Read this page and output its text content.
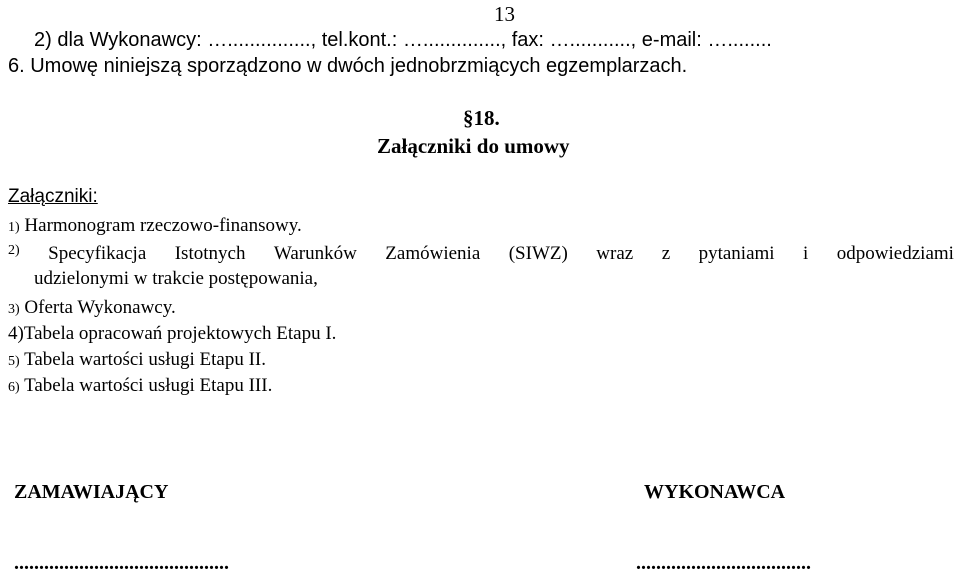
13
2) dla Wykonawcy: …..............., tel.kont.: ….............., fax: …..........., e-mail: …........
6. Umowę niniejszą sporządzono w dwóch jednobrzmiących egzemplarzach.
§18.
Załączniki do umowy
Załączniki:
1) Harmonogram rzeczowo-finansowy.
2) Specyfikacja Istotnych Warunków Zamówienia (SIWZ) wraz z pytaniami i odpowiedziami
udzielonymi w trakcie postępowania,
3) Oferta Wykonawcy.
4)Tabela opracowań projektowych Etapu I.
5) Tabela wartości usługi Etapu II.
6) Tabela wartości usługi Etapu III.
ZAMAWIAJĄCY	WYKONAWCA
...........................................	...................................
